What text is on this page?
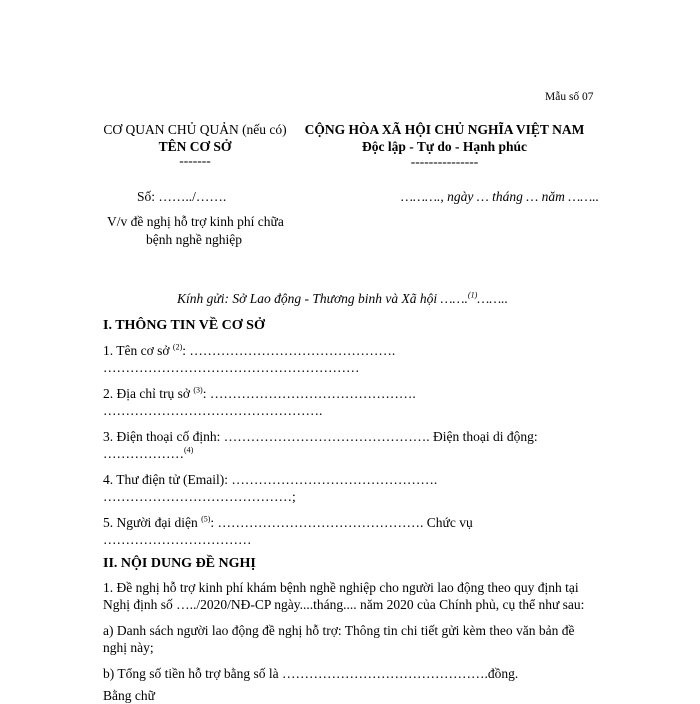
Mẫu số 07
CƠ QUAN CHỦ QUẢN (nếu có)
TÊN CƠ SỞ
-------
Số: ……../…….
V/v đề nghị hỗ trợ kinh phí chữa
bệnh nghề nghiệp
CỘNG HÒA XÃ HỘI CHỦ NGHĨA VIỆT NAM
Độc lập - Tự do - Hạnh phúc
---------------
………., ngày … tháng … năm ……..
Kính gửi: Sở Lao động - Thương binh và Xã hội …….$^{(1)}$……..
I. THÔNG TIN VỀ CƠ SỞ
1. Tên cơ sở $^{(2)}$: ……………………………………….
…………………………………………………
2. Địa chỉ trụ sở $^{(3)}$: ……………………………………….
………………………………………….
3. Điện thoại cố định: ………………………………………. Điện thoại di động:
………………$^{(4)}$
4. Thư điện tử (Email): ……………………………………….
……………………………………;
5. Người đại diện $^{(5)}$: ………………………………………. Chức vụ
……………………………
II. NỘI DUNG ĐỀ NGHỊ
1. Đề nghị hỗ trợ kinh phí khám bệnh nghề nghiệp cho người lao động theo quy định tại
Nghị định số …../2020/NĐ-CP ngày....tháng.... năm 2020 của Chính phủ, cụ thể như sau:
a) Danh sách người lao động đề nghị hỗ trợ: Thông tin chi tiết gửi kèm theo văn bản đề
nghị này;
b) Tổng số tiền hỗ trợ bằng số là ……………………………………….đồng.
Bằng chữ
